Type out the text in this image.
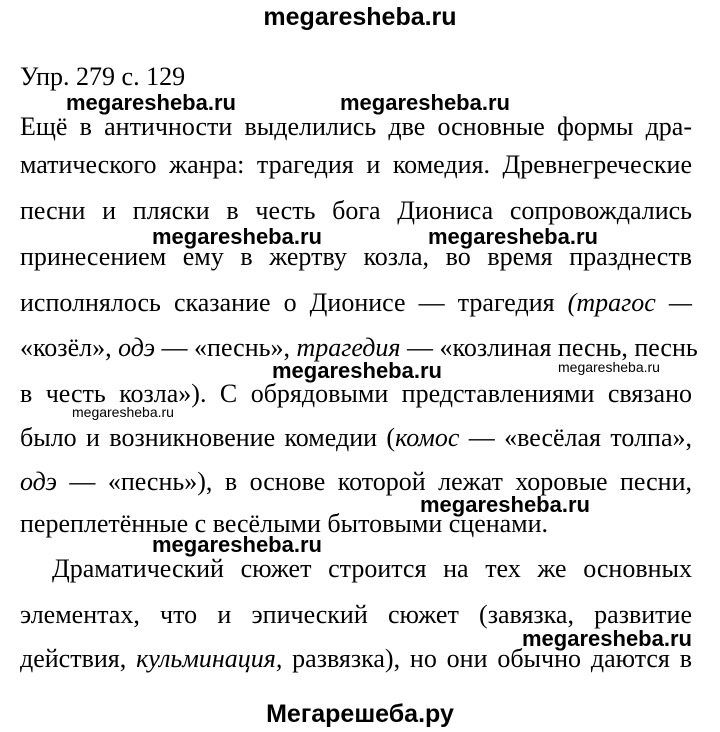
megaresheba.ru
Упр. 279 с. 129
Ещё в античности выделились две основные формы дра-
матического жанра: трагедия и комедия. Древнегреческие
песни и пляски в честь бога Диониса сопровождались
принесением ему в жертву козла, во время празднеств
исполнялось сказание о Дионисе — трагедия (трагос —
«козёл», одэ — «песнь», трагедия — «козлиная песнь, песнь
в честь козла»). С обрядовыми представлениями связано
было и возникновение комедии (комос — «весёлая толпа»,
одэ — «песнь»), в основе которой лежат хоровые песни,
переплетённые с весёлыми бытовыми сценами.
Драматический сюжет строится на тех же основных
элементах, что и эпический сюжет (завязка, развитие
действия, кульминация, развязка), но они обычно даются в
megaresheba.ru	megaresheba.ru
megaresheba.ru	megaresheba.ru
megaresheba.ru	megaresheba.ru
megaresheba.ru
megaresheba.ru
megaresheba.ru
megaresheba.ru
Мегарешеба.ру
